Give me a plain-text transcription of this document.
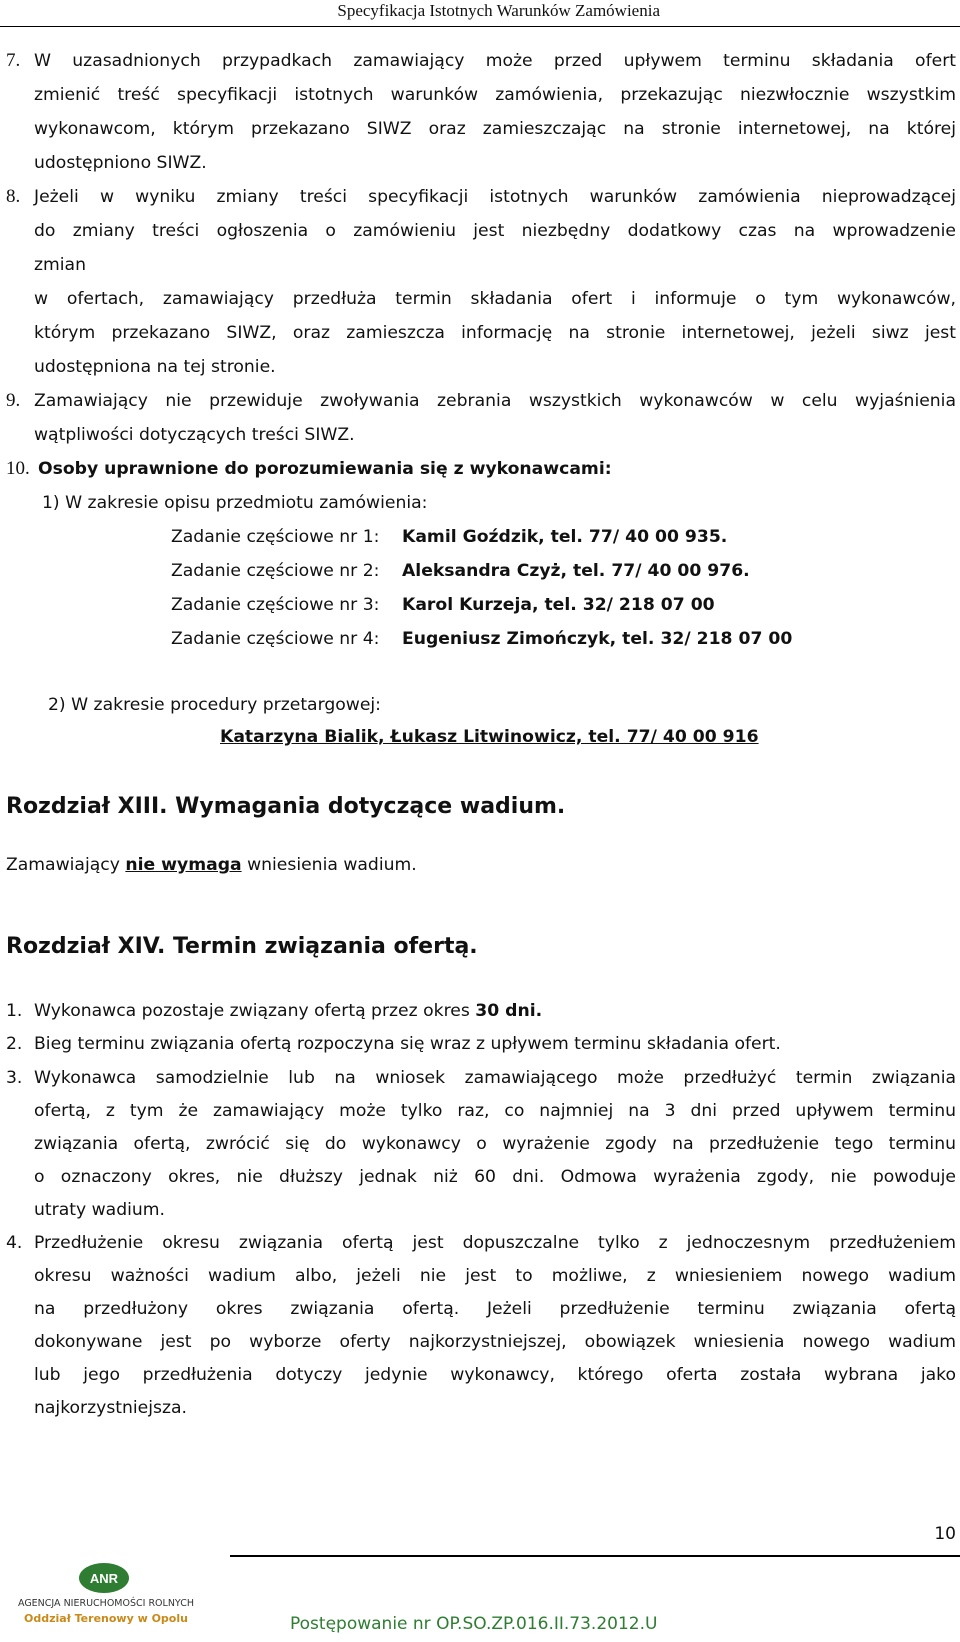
Specyfikacja Istotnych Warunków Zamówienia
7. W uzasadnionych przypadkach zamawiający może przed upływem terminu składania ofert
zmienić treść specyfikacji istotnych warunków zamówienia, przekazując niezwłocznie wszystkim
wykonawcom, którym przekazano SIWZ oraz zamieszczając na stronie internetowej, na której
udostępniono SIWZ.
8. Jeżeli w wyniku zmiany treści specyfikacji istotnych warunków zamówienia nieprowadzącej
do zmiany treści ogłoszenia o zamówieniu jest niezbędny dodatkowy czas na wprowadzenie
zmian
w ofertach, zamawiający przedłuża termin składania ofert i informuje o tym wykonawców,
którym przekazano SIWZ, oraz zamieszcza informację na stronie internetowej, jeżeli siwz jest
udostępniona na tej stronie.
9. Zamawiający nie przewiduje zwoływania zebrania wszystkich wykonawców w celu wyjaśnienia
wątpliwości dotyczących treści SIWZ.
10. Osoby uprawnione do porozumiewania się z wykonawcami:
1) W zakresie opisu przedmiotu zamówienia:
Zadanie częściowe nr 1: Kamil Goździk, tel. 77/ 40 00 935.
Zadanie częściowe nr 2: Aleksandra Czyż, tel. 77/ 40 00 976.
Zadanie częściowe nr 3: Karol Kurzeja, tel. 32/ 218 07 00
Zadanie częściowe nr 4: Eugeniusz Zimończyk, tel. 32/ 218 07 00
2) W zakresie procedury przetargowej:
Katarzyna Bialik, Łukasz Litwinowicz, tel. 77/ 40 00 916
Rozdział XIII. Wymagania dotyczące wadium.
Zamawiający nie wymaga wniesienia wadium.
Rozdział XIV. Termin związania ofertą.
1. Wykonawca pozostaje związany ofertą przez okres 30 dni.
2. Bieg terminu związania ofertą rozpoczyna się wraz z upływem terminu składania ofert.
3. Wykonawca samodzielnie lub na wniosek zamawiającego może przedłużyć termin związania
ofertą, z tym że zamawiający może tylko raz, co najmniej na 3 dni przed upływem terminu
związania ofertą, zwrócić się do wykonawcy o wyrażenie zgody na przedłużenie tego terminu
o oznaczony okres, nie dłuższy jednak niż 60 dni. Odmowa wyrażenia zgody, nie powoduje
utraty wadium.
4. Przedłużenie okresu związania ofertą jest dopuszczalne tylko z jednoczesnym przedłużeniem
okresu ważności wadium albo, jeżeli nie jest to możliwe, z wniesieniem nowego wadium
na przedłużony okres związania ofertą. Jeżeli przedłużenie terminu związania ofertą
dokonywane jest po wyborze oferty najkorzystniejszej, obowiązek wniesienia nowego wadium
lub jego przedłużenia dotyczy jedynie wykonawcy, którego oferta została wybrana jako
najkorzystniejsza.
10
ANR
AGENCJA NIERUCHOMOŚCI ROLNYCH
Oddział Terenowy w Opolu	Postępowanie nr OP.SO.ZP.016.II.73.2012.U
